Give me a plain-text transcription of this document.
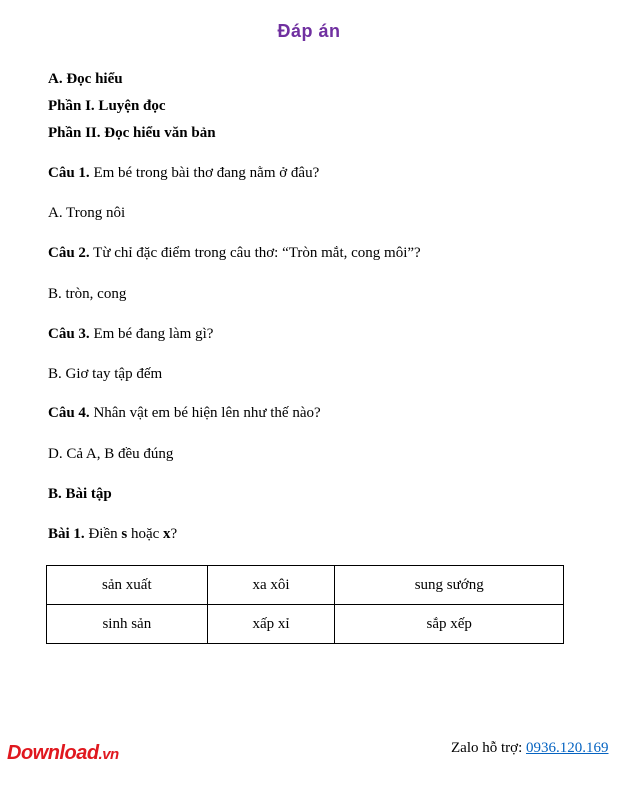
Đáp án
A. Đọc hiểu
Phần I. Luyện đọc
Phần II. Đọc hiểu văn bản
Câu 1. Em bé trong bài thơ đang nằm ở đâu?
A. Trong nôi
Câu 2. Từ chỉ đặc điểm trong câu thơ: “Tròn mắt, cong môi”?
B. tròn, cong
Câu 3. Em bé đang làm gì?
B. Giơ tay tập đếm
Câu 4. Nhân vật em bé hiện lên như thế nào?
D. Cả A, B đều đúng
B. Bài tập
Bài 1. Điền s hoặc x?
sản xuất	xa xôi	sung sướng
sinh sản	xấp xỉ	sắp xếp
Download.vn	Zalo hỗ trợ: 0936.120.169
